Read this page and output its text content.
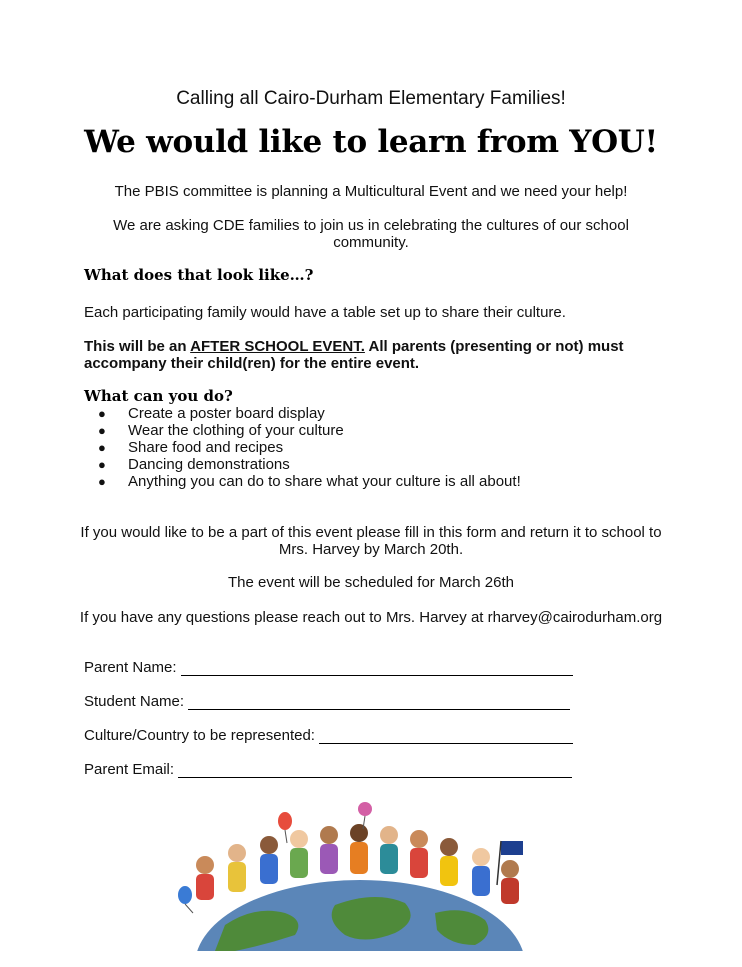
Calling all Cairo-Durham Elementary Families!
We would like to learn from YOU!
The PBIS committee is planning a Multicultural Event and we need your help!
We are asking CDE families to join us in celebrating the cultures of our school community.
What does that look like…?
Each participating family would have a table set up to share their culture.
This will be an AFTER SCHOOL EVENT. All parents (presenting or not) must accompany their child(ren) for the entire event.
What can you do?
●	Create a poster board display
●	Wear the clothing of your culture
●	Share food and recipes
●	Dancing demonstrations
●	Anything you can do to share what your culture is all about!
If you would like to be a part of this event please fill in this form and return it to school to Mrs. Harvey by March 20th.
The event will be scheduled for March 26th
If you have any questions please reach out to Mrs. Harvey at rharvey@cairodurham.org
Parent Name:
Student Name:
Culture/Country to be represented:
Parent Email:
